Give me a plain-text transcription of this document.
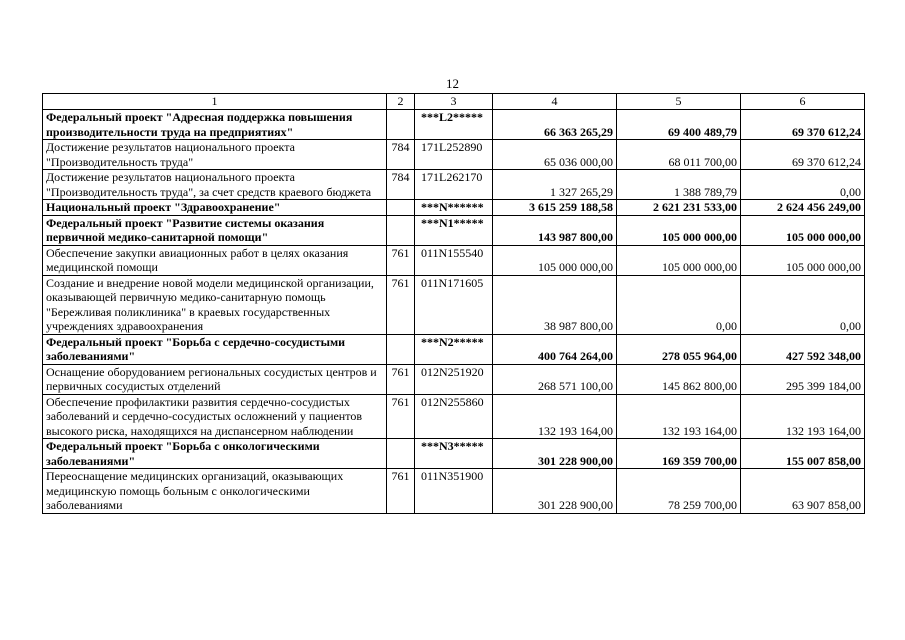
12
1	2	3	4	5	6
Федеральный проект "Адресная поддержка повышения производительности труда на предприятиях"		***L2*****	66 363 265,29	69 400 489,79	69 370 612,24
Достижение результатов национального проекта "Производительность труда"	784	171L252890	65 036 000,00	68 011 700,00	69 370 612,24
Достижение результатов национального проекта "Производительность труда", за счет средств краевого бюджета	784	171L262170	1 327 265,29	1 388 789,79	0,00
Национальный проект "Здравоохранение"		***N******	3 615 259 188,58	2 621 231 533,00	2 624 456 249,00
Федеральный проект "Развитие системы оказания первичной медико-санитарной помощи"		***N1*****	143 987 800,00	105 000 000,00	105 000 000,00
Обеспечение закупки авиационных работ в целях оказания медицинской помощи	761	011N155540	105 000 000,00	105 000 000,00	105 000 000,00
Создание и внедрение новой модели медицинской организации, оказывающей первичную медико-санитарную помощь "Бережливая поликлиника" в краевых государственных учреждениях здравоохранения	761	011N171605	38 987 800,00	0,00	0,00
Федеральный проект "Борьба с сердечно-сосудистыми заболеваниями"		***N2*****	400 764 264,00	278 055 964,00	427 592 348,00
Оснащение оборудованием региональных сосудистых центров и первичных сосудистых отделений	761	012N251920	268 571 100,00	145 862 800,00	295 399 184,00
Обеспечение профилактики развития сердечно-сосудистых заболеваний и сердечно-сосудистых осложнений у пациентов высокого риска, находящихся на диспансерном наблюдении	761	012N255860	132 193 164,00	132 193 164,00	132 193 164,00
Федеральный проект "Борьба с онкологическими заболеваниями"		***N3*****	301 228 900,00	169 359 700,00	155 007 858,00
Переоснащение медицинских организаций, оказывающих медицинскую помощь больным с онкологическими заболеваниями	761	011N351900	301 228 900,00	78 259 700,00	63 907 858,00
